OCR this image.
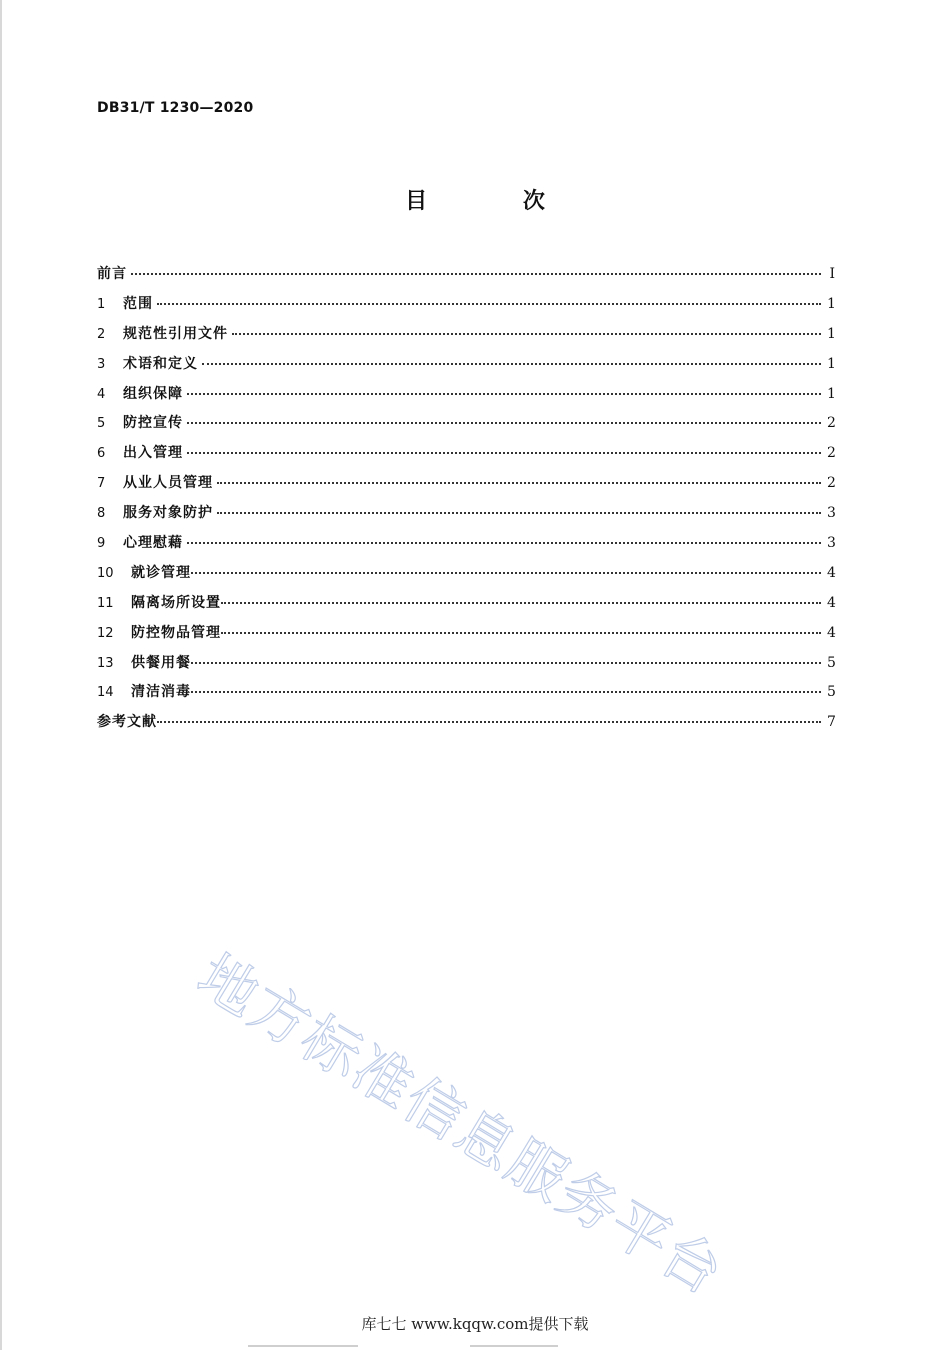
DB31/T 1230—2020
目 次
前言	I
1	范围	1
2	规范性引用文件	1
3	术语和定义	1
4	组织保障	1
5	防控宣传	2
6	出入管理	2
7	从业人员管理	2
8	服务对象防护	3
9	心理慰藉	3
10	就诊管理	4
11	隔离场所设置	4
12	防控物品管理	4
13	供餐用餐	5
14	清洁消毒	5
参考文献	7
地方标准信息服务平台
库七七 www.kqqw.com提供下载
